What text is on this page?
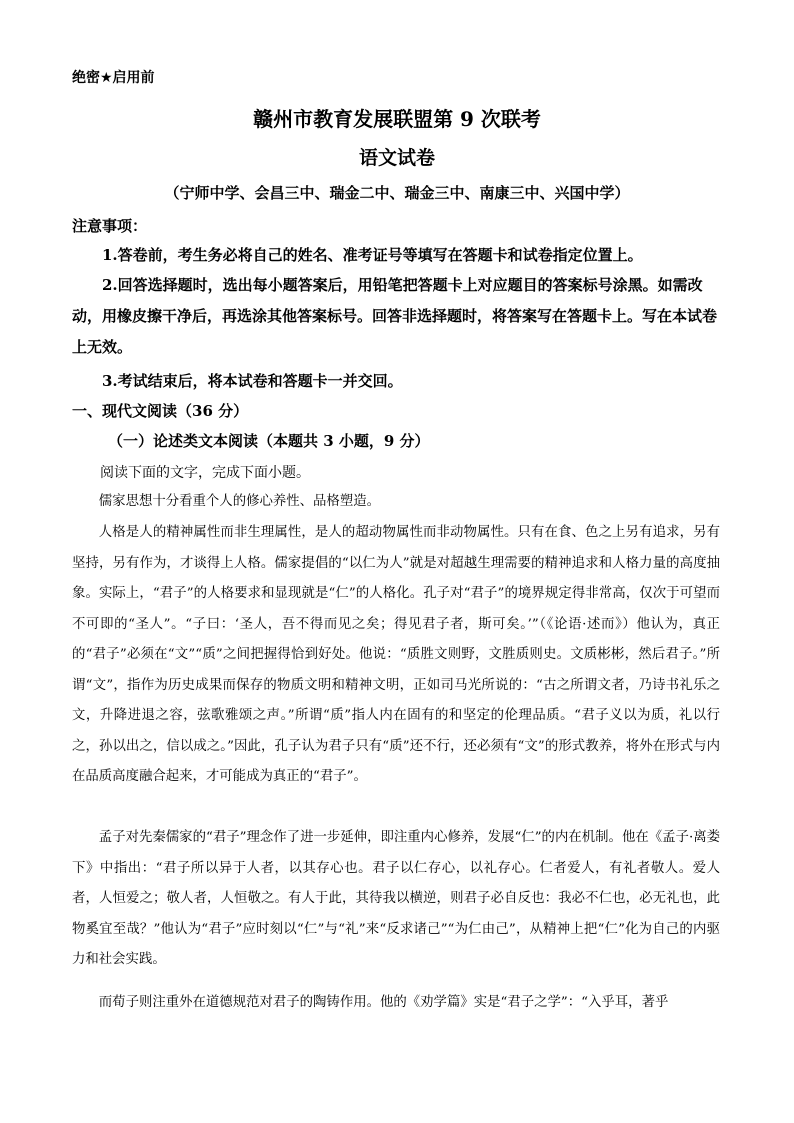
绝密★启用前
赣州市教育发展联盟第 9 次联考
语文试卷
（宁师中学、会昌三中、瑞金二中、瑞金三中、南康三中、兴国中学）
注意事项：
1.答卷前，考生务必将自己的姓名、准考证号等填写在答题卡和试卷指定位置上。
2.回答选择题时，选出每小题答案后，用铅笔把答题卡上对应题目的答案标号涂黑。如需改动，用橡皮擦干净后，再选涂其他答案标号。回答非选择题时，将答案写在答题卡上。写在本试卷上无效。
3.考试结束后，将本试卷和答题卡一并交回。
一、现代文阅读（36 分）
（一）论述类文本阅读（本题共 3 小题，9 分）
阅读下面的文字，完成下面小题。
儒家思想十分看重个人的修心养性、品格塑造。
人格是人的精神属性而非生理属性，是人的超动物属性而非动物属性。只有在食、色之上另有追求，另有坚持，另有作为，才谈得上人格。儒家提倡的“以仁为人”就是对超越生理需要的精神追求和人格力量的高度抽象。实际上，“君子”的人格要求和显现就是“仁”的人格化。孔子对“君子”的境界规定得非常高，仅次于可望而不可即的“圣人”。“子曰：‘圣人，吾不得而见之矣；得见君子者，斯可矣。’”（《论语·述而》）他认为，真正的“君子”必须在“文”“质”之间把握得恰到好处。他说：“质胜文则野，文胜质则史。文质彬彬，然后君子。”所谓“文”，指作为历史成果而保存的物质文明和精神文明，正如司马光所说的：“古之所谓文者，乃诗书礼乐之文，升降进退之容，弦歌雅颂之声。”所谓“质”指人内在固有的和坚定的伦理品质。“君子义以为质，礼以行之，孙以出之，信以成之。”因此，孔子认为君子只有“质”还不行，还必须有“文”的形式教养，将外在形式与内在品质高度融合起来，才可能成为真正的“君子”。
孟子对先秦儒家的“君子”理念作了进一步延伸，即注重内心修养，发展“仁”的内在机制。他在《孟子·离娄下》中指出：“君子所以异于人者，以其存心也。君子以仁存心，以礼存心。仁者爱人，有礼者敬人。爱人者，人恒爱之；敬人者，人恒敬之。有人于此，其待我以横逆，则君子必自反也：我必不仁也，必无礼也，此物奚宜至哉？”他认为“君子”应时刻以“仁”与“礼”来“反求诸己”“为仁由己”，从精神上把“仁”化为自己的内驱力和社会实践。
而荀子则注重外在道德规范对君子的陶铸作用。他的《劝学篇》实是“君子之学”：“入乎耳，著乎
